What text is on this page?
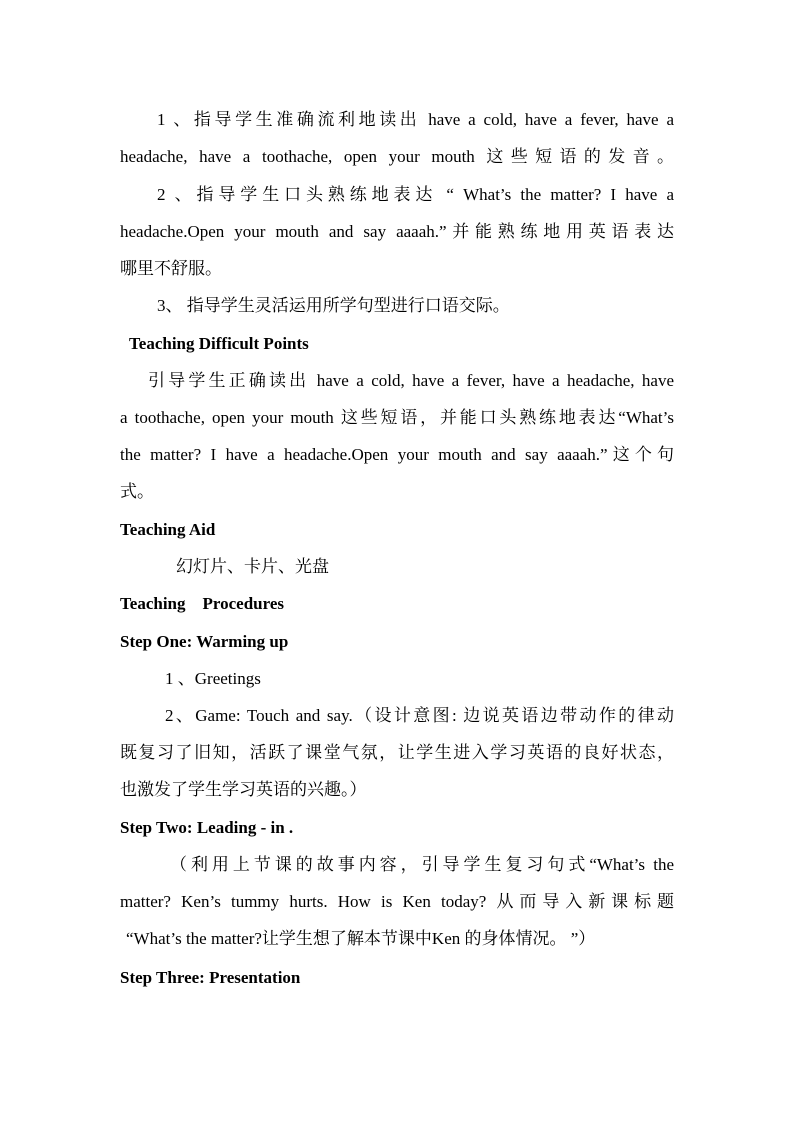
1 、指导学生准确流利地读出 have a cold, have a fever, have a
headache, have a toothache, open your mouth 这些短语的发音。
2 、指导学生口头熟练地表达 “ What’s the matter? I have a
headache.Open your mouth and say aaaah.”并能熟练地用英语表达
哪里不舒服。
3、 指导学生灵活运用所学句型进行口语交际。
Teaching Difficult Points
引导学生正确读出 have a cold, have a fever, have a headache, have
a toothache, open your mouth 这些短语，并能口头熟练地表达“What’s
the matter? I have a headache.Open your mouth and say aaaah.”这个句
式。
Teaching Aid
幻灯片、卡片、光盘
Teaching    Procedures
Step One: Warming up
1 、Greetings
2、Game: Touch and say.（设计意图: 边说英语边带动作的律动
既复习了旧知，活跃了课堂气氛，让学生进入学习英语的良好状态，
也激发了学生学习英语的兴趣。）
Step Two: Leading - in .
（利用上节课的故事内容，引导学生复习句式“What’s the
matter? Ken’s tummy hurts. How is Ken today? 从而导入新课标题
“What’s the matter?让学生想了解本节课中Ken 的身体情况。 ”）
Step Three: Presentation
